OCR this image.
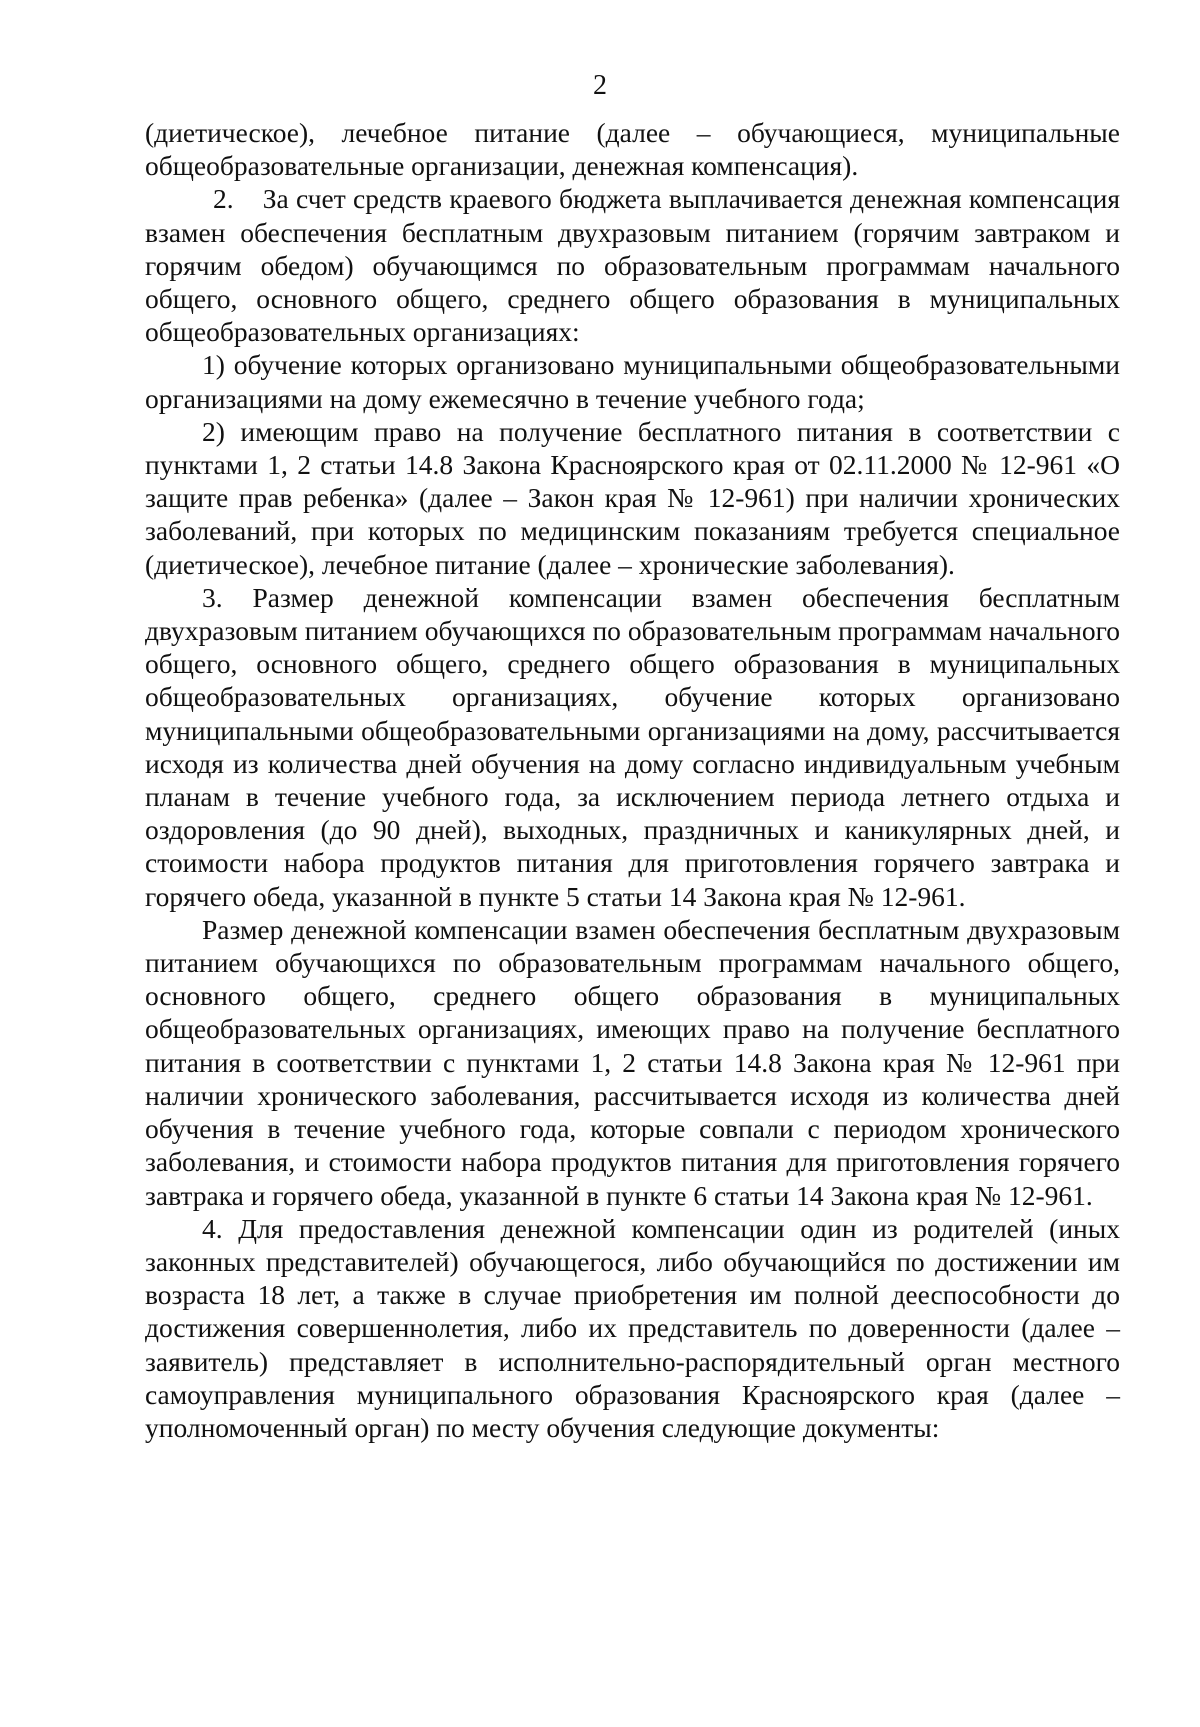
2

(диетическое), лечебное питание (далее – обучающиеся, муниципальные общеобразовательные организации, денежная компенсация).

2.    За счет средств краевого бюджета выплачивается денежная компенсация взамен обеспечения бесплатным двухразовым питанием (горячим завтраком и горячим обедом) обучающимся по образовательным программам начального общего, основного общего, среднего общего образования в муниципальных общеобразовательных организациях:

1) обучение которых организовано муниципальными общеобразовательными организациями на дому ежемесячно в течение учебного года;

2) имеющим право на получение бесплатного питания в соответствии с пунктами 1, 2 статьи 14.8 Закона Красноярского края от 02.11.2000 № 12-961 «О защите прав ребенка» (далее – Закон края № 12-961) при наличии хронических заболеваний, при которых по медицинским показаниям требуется специальное (диетическое), лечебное питание (далее – хронические заболевания).

3. Размер денежной компенсации взамен обеспечения бесплатным двухразовым питанием обучающихся по образовательным программам начального общего, основного общего, среднего общего образования в муниципальных общеобразовательных организациях, обучение которых организовано муниципальными общеобразовательными организациями на дому, рассчитывается исходя из количества дней обучения на дому согласно индивидуальным учебным планам в течение учебного года, за исключением периода летнего отдыха и оздоровления (до 90 дней), выходных, праздничных и каникулярных дней, и стоимости набора продуктов питания для приготовления горячего завтрака и горячего обеда, указанной в пункте 5 статьи 14 Закона края № 12-961.

Размер денежной компенсации взамен обеспечения бесплатным двухразовым питанием обучающихся по образовательным программам начального общего, основного общего, среднего общего образования в муниципальных общеобразовательных организациях, имеющих право на получение бесплатного питания в соответствии с пунктами 1, 2 статьи 14.8 Закона края № 12-961 при наличии хронического заболевания, рассчитывается исходя из количества дней обучения в течение учебного года, которые совпали с периодом хронического заболевания, и стоимости набора продуктов питания для приготовления горячего завтрака и горячего обеда, указанной в пункте 6 статьи 14 Закона края № 12-961.

4. Для предоставления денежной компенсации один из родителей (иных законных представителей) обучающегося, либо обучающийся по достижении им возраста 18 лет, а также в случае приобретения им полной дееспособности до достижения совершеннолетия, либо их представитель по доверенности (далее – заявитель) представляет в исполнительно-распорядительный орган местного самоуправления муниципального образования Красноярского края (далее – уполномоченный орган) по месту обучения следующие документы:
